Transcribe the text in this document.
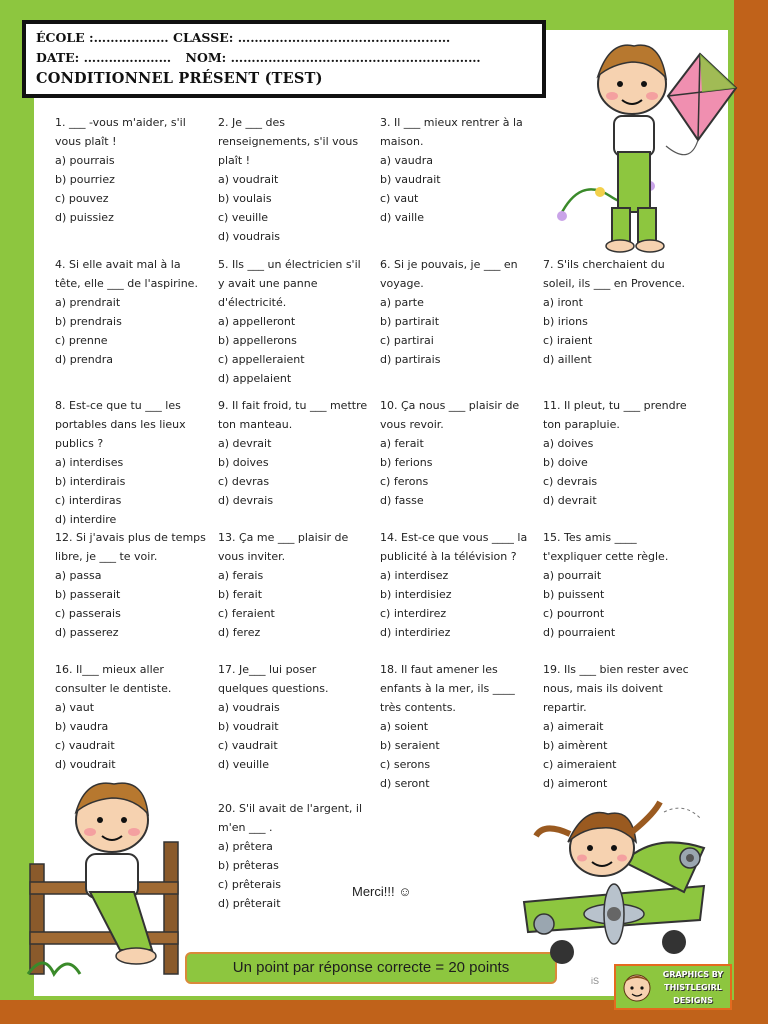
ÉCOLE :……………… CLASSE: ……………………………………………
DATE: ………………… NOM: ……………………………………………………
CONDITIONNEL PRÉSENT (TEST)
1. ___ -vous m'aider, s'il vous plaît !
a) pourrais
b) pourriez
c) pouvez
d) puissiez
2. Je ___ des renseignements, s'il vous plaît !
a) voudrait
b) voulais
c) veuille
d) voudrais
3. Il ___ mieux rentrer à la maison.
a) vaudra
b) vaudrait
c) vaut
d) vaille
4. Si elle avait mal à la tête, elle ___ de l'aspirine.
a) prendrait
b) prendrais
c) prenne
d) prendra
5. Ils ___ un électricien s'il y avait une panne d'électricité.
a) appelleront
b) appellerons
c) appelleraient
d) appelaient
6. Si je pouvais, je ___ en voyage.
a) parte
b) partirait
c) partirai
d) partirais
7. S'ils cherchaient du soleil, ils ___ en Provence.
a) iront
b) irions
c) iraient
d) aillent
8. Est-ce que tu ___ les portables dans les lieux publics ?
a) interdises
b) interdirais
c) interdiras
d) interdire
9. Il fait froid, tu ___ mettre ton manteau.
a) devrait
b) doives
c) devras
d) devrais
10. Ça nous ___ plaisir de vous revoir.
a) ferait
b) ferions
c) ferons
d) fasse
11. Il pleut, tu ___ prendre ton parapluie.
a) doives
b) doive
c) devrais
d) devrait
12. Si j'avais plus de temps libre, je ___ te voir.
a) passa
b) passerait
c) passerais
d) passerez
13. Ça me ___ plaisir de vous inviter.
a) ferais
b) ferait
c) feraient
d) ferez
14. Est-ce que vous ____ la publicité à la télévision ?
a) interdisez
b) interdisiez
c) interdirez
d) interdiriez
15. Tes amis ____ t'expliquer cette règle.
a) pourrait
b) puissent
c) pourront
d) pourraient
16. Il___ mieux aller consulter le dentiste.
a) vaut
b) vaudra
c) vaudrait
d) voudrait
17. Je___ lui poser quelques questions.
a) voudrais
b) voudrait
c) vaudrait
d) veuille
18. Il faut amener les enfants à la mer, ils ____ très contents.
a) soient
b) seraient
c) serons
d) seront
19. Ils ___ bien rester avec nous, mais ils doivent repartir.
a) aimerait
b) aimèrent
c) aimeraient
d) aimeront
20. S'il avait de l'argent, il m'en ___ .
a) prêtera
b) prêteras
c) prêterais
d) prêterait
Merci!!! ☺
Un point par réponse correcte = 20 points
iS
GRAPHICS BY THISTLEGIRL DESIGNS
